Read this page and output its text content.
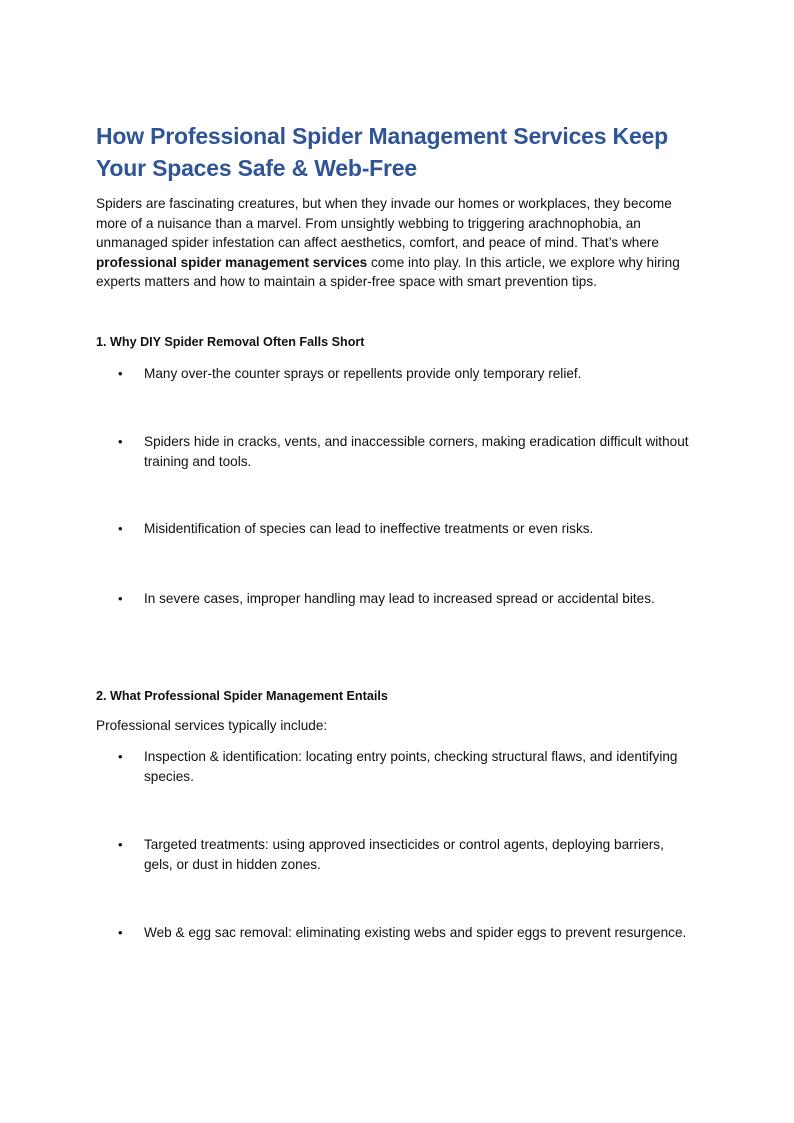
How Professional Spider Management Services Keep Your Spaces Safe & Web-Free

Spiders are fascinating creatures, but when they invade our homes or workplaces, they become more of a nuisance than a marvel. From unsightly webbing to triggering arachnophobia, an unmanaged spider infestation can affect aesthetics, comfort, and peace of mind. That’s where professional spider management services come into play. In this article, we explore why hiring experts matters and how to maintain a spider-free space with smart prevention tips.

1. Why DIY Spider Removal Often Falls Short
• Many over-the counter sprays or repellents provide only temporary relief.
• Spiders hide in cracks, vents, and inaccessible corners, making eradication difficult without training and tools.
• Misidentification of species can lead to ineffective treatments or even risks.
• In severe cases, improper handling may lead to increased spread or accidental bites.
2. What Professional Spider Management Entails
Professional services typically include:
• Inspection & identification: locating entry points, checking structural flaws, and identifying species.
• Targeted treatments: using approved insecticides or control agents, deploying barriers, gels, or dust in hidden zones.
• Web & egg sac removal: eliminating existing webs and spider eggs to prevent resurgence.
